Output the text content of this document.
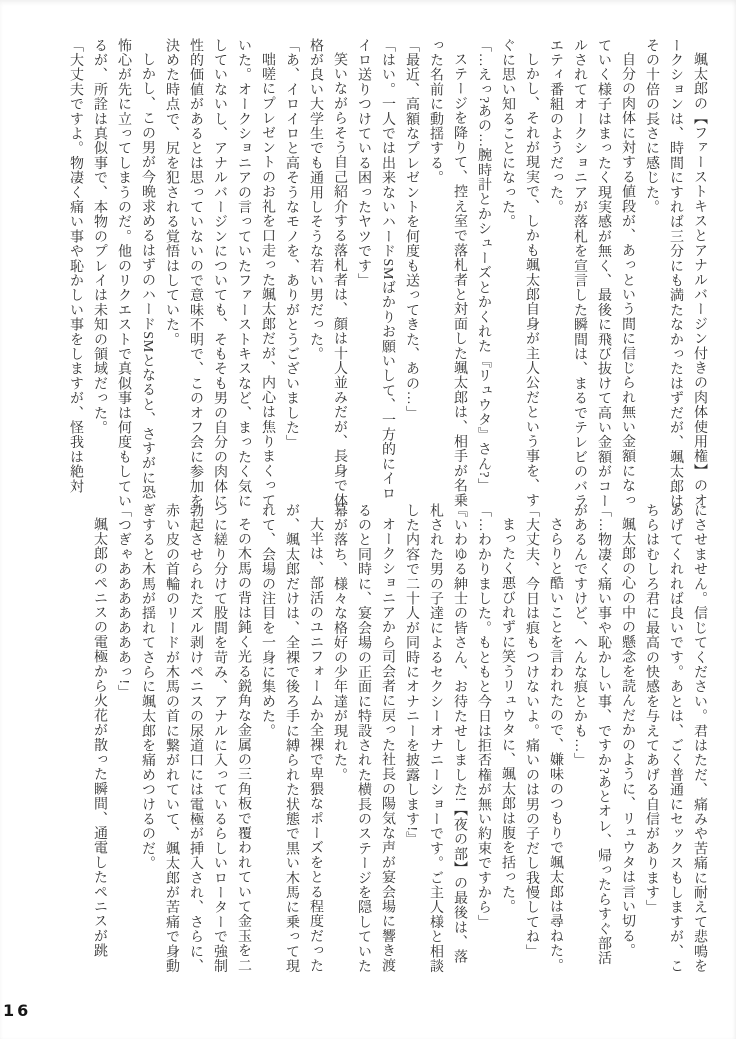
颯太郎の【ファーストキスとアナルバージン付きの肉体使用権】のオークションは、時間にすれば三分にも満たなかったはずだが、颯太郎はその十倍の長さに感じた。

自分の肉体に対する値段が、あっという間に信じられ無い金額になっていく様子はまったく現実感が無く、最後に飛び抜けて高い金額がコールされてオークショニアが落札を宣言した瞬間は、まるでテレビのバラエティ番組のようだった。

しかし、それが現実で、しかも颯太郎自身が主人公だという事を、すぐに思い知ることになった。

「…えっ?あの…腕時計とかシューズとかくれた『リュウタ』さん?」

ステージを降りて、控え室で落札者と対面した颯太郎は、相手が名乗った名前に動揺する。

「最近、高額なプレゼントを何度も送ってきた、あの…」

「はい。一人では出来ないハードSMばかりお願いして、一方的にイロイロ送りつけている困ったヤツです」

笑いながらそう自己紹介する落札者は、顔は十人並みだが、長身で体格が良い大学生でも通用しそうな若い男だった。

「あ、イロイロと高そうなモノを、ありがとうございました」

咄嗟にプレゼントのお礼を口走った颯太郎だが、内心は焦りまくっていた。オークショニアの言っていたファーストキスなど、まったく気にしていないし、アナルバージンについても、そもそも男の自分の肉体に性的価値があるとは思っていないので意味不明で、このオフ会に参加を決めた時点で、尻を犯される覚悟はしていた。

しかし、この男が今晩求めるはずのハードSMとなると、さすがに恐怖心が先に立ってしまうのだ。他のリクエストで真似事は何度もしているが、所詮は真似事で、本物のプレイは未知の領域だった。

「大丈夫ですよ。物凄く痛い事や恥かしい事をしますが、怪我は絶対

にさせません。信じてください。君はただ、痛みや苦痛に耐えて悲鳴をあげてくれれば良いです。あとは、ごく普通にセックスもしますが、こちらはむしろ君に最高の快感を与えてあげる自信があります」

颯太郎の心の中の懸念を読んだかのように、リュウタは言い切る。

「…物凄く痛い事や恥かしい事、ですか?あとオレ、帰ったらすぐ部活があるんですけど、へんな痕とかも…」

さらりと酷いことを言われたので、嫌味のつもりで颯太郎は尋ねた。

「大丈夫、今日は痕もつけないよ。痛いのは男の子だし我慢してね」

まったく悪びれずに笑うリュウタに、颯太郎は腹を括った。

「…わかりました。もともと今日は拒否権が無い約束ですから」

『いわゆる紳士の皆さん、お待たせしました!【夜の部】の最後は、落札された男の子達によるセクシーオナニーショーです。ご主人様と相談した内容で二十人が同時にオナニーを披露します!』

オークショニアから司会者に戻った社長の陽気な声が宴会場に響き渡るのと同時に、宴会場の正面に特設された横長のステージを隠していた幕が落ち、様々な格好の少年達が現れた。

大半は、部活のユニフォームか全裸で卑猥なポーズをとる程度だったが、颯太郎だけは、全裸で後ろ手に縛られた状態で黒い木馬に乗って現れて、会場の注目を一身に集めた。

その木馬の背は鈍く光る鋭角な金属の三角板で覆われていて金玉を二つに縒り分けて股間を苛み、アナルに入っているらしいローターで強制勃起させられたズル剥けペニスの尿道口には電極が挿入され、さらに、赤い皮の首輪のリードが木馬の首に繋がれていて、颯太郎が苦痛で身動ぎすると木馬が揺れてさらに颯太郎を痛めつけるのだ。

「つぎゃあああああああっ!」

颯太郎のペニスの電極から火花が散った瞬間、通電したペニスが跳

16
